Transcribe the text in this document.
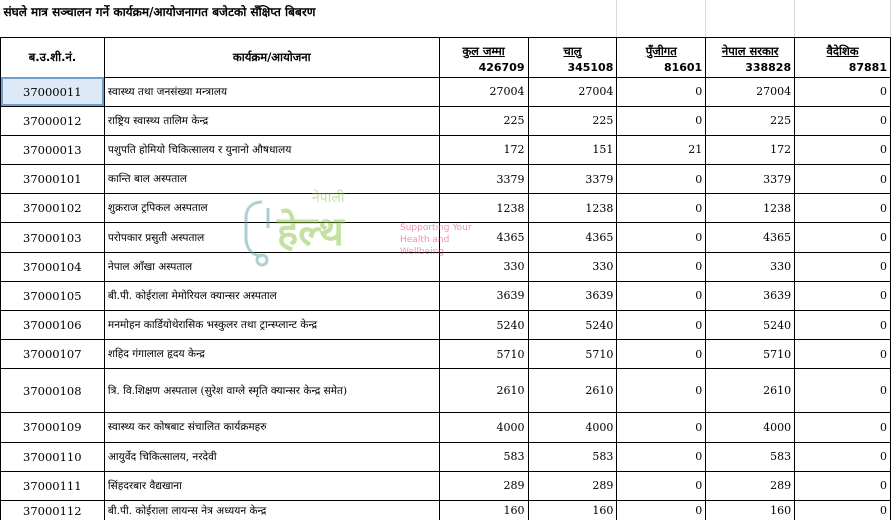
संघले मात्र सञ्चालन गर्ने कार्यक्रम/आयोजनागत बजेटको सँक्षिप्त बिबरण						
ब.उ.शी.नं.	कार्यक्रम/आयोजना	कुल जम्मा	चालु	पुँजीगत	नेपाल सरकार	वैदेशिक
		426709	345108	81601	338828	87881
37000011	स्वास्थ्य तथा जनसंख्या मन्त्रालय	27004	27004	0	27004	0
37000012	राष्ट्रिय स्वास्थ्य तालिम केन्द्र	225	225	0	225	0
37000013	पशुपति होमियो चिकित्सालय र युनानो औषधालय	172	151	21	172	0
37000101	कान्ति बाल अस्पताल	3379	3379	0	3379	0
37000102	शुक्रराज ट्रपिकल अस्पताल	1238	1238	0	1238	0
37000103	परोपकार प्रसुती अस्पताल	4365	4365	0	4365	0
37000104	नेपाल आँखा अस्पताल	330	330	0	330	0
37000105	बी.पी. कोईराला मेमोरियल क्यान्सर अस्पताल	3639	3639	0	3639	0
37000106	मनमोहन कार्डियोथेरासिक भस्कुलर तथा ट्रान्स्प्लान्ट केन्द्र	5240	5240	0	5240	0
37000107	शहिद गंगालाल हृदय केन्द्र	5710	5710	0	5710	0
37000108	त्रि. वि.शिक्षण अस्पताल (सुरेश वाग्ले स्मृति क्यान्सर केन्द्र समेत)	2610	2610	0	2610	0
37000109	स्वास्थ्य कर कोषबाट संचालित कार्यक्रमहरु	4000	4000	0	4000	0
37000110	आयुर्वेद चिकित्सालय, नरदेवी	583	583	0	583	0
37000111	सिंहदरबार वैद्यखाना	289	289	0	289	0
37000112	बी.पी. कोईराला लायन्स नेत्र अध्ययन केन्द्र	160	160	0	160	0
नेपाली
हेल्थ	Supporting Your
Health and Wellbeing
